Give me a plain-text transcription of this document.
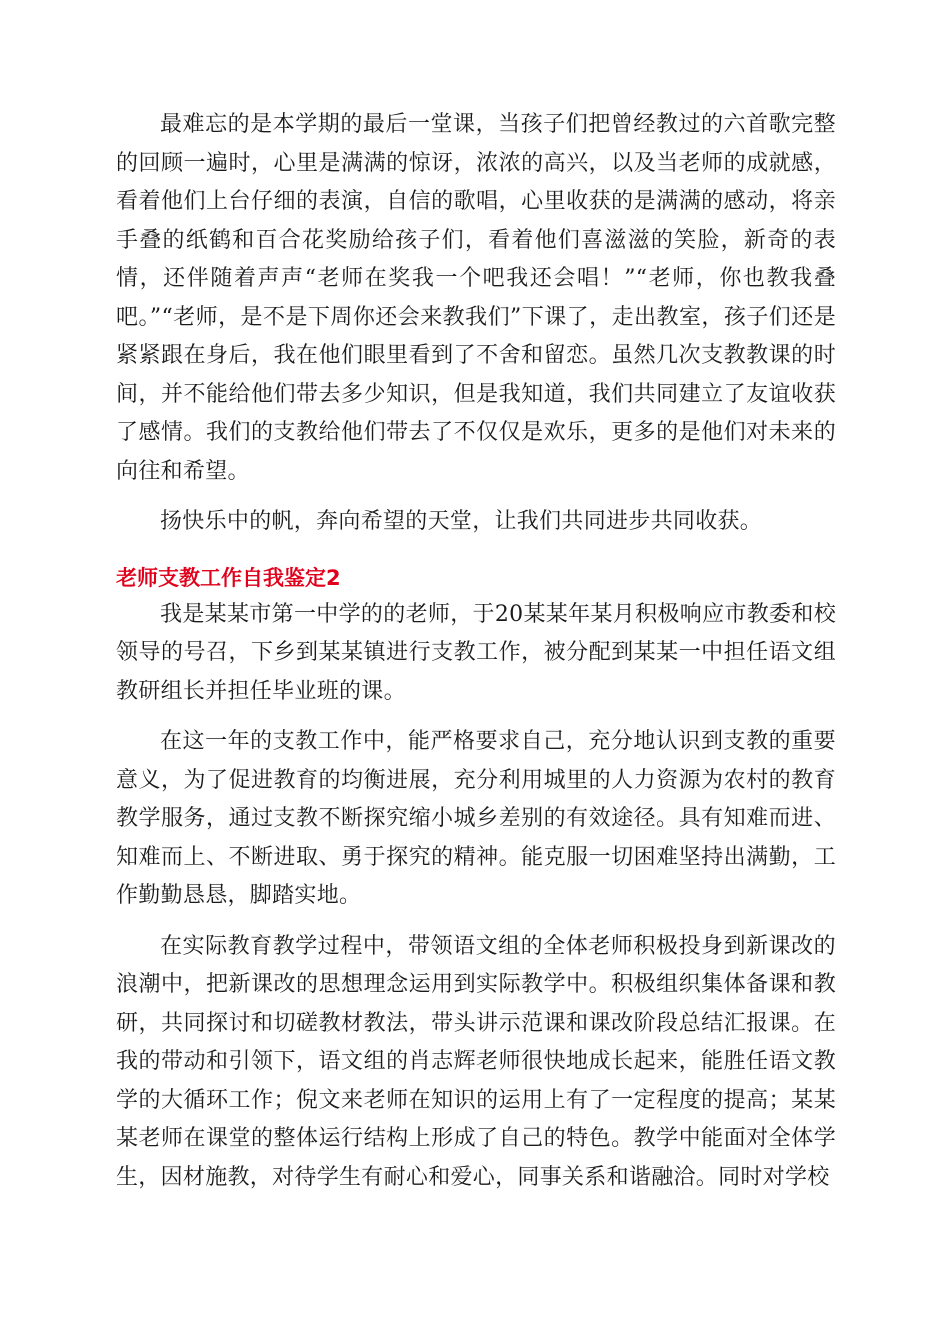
最难忘的是本学期的最后一堂课，当孩子们把曾经教过的六首歌完整的回顾一遍时，心里是满满的惊讶，浓浓的高兴，以及当老师的成就感，看着他们上台仔细的表演，自信的歌唱，心里收获的是满满的感动，将亲手叠的纸鹤和百合花奖励给孩子们，看着他们喜滋滋的笑脸，新奇的表情，还伴随着声声“老师在奖我一个吧我还会唱！”“老师，你也教我叠吧。”“老师，是不是下周你还会来教我们”下课了，走出教室，孩子们还是紧紧跟在身后，我在他们眼里看到了不舍和留恋。虽然几次支教教课的时间，并不能给他们带去多少知识，但是我知道，我们共同建立了友谊收获了感情。我们的支教给他们带去了不仅仅是欢乐，更多的是他们对未来的向往和希望。

扬快乐中的帆，奔向希望的天堂，让我们共同进步共同收获。

老师支教工作自我鉴定2

我是某某市第一中学的的老师，于20某某年某月积极响应市教委和校领导的号召，下乡到某某镇进行支教工作，被分配到某某一中担任语文组教研组长并担任毕业班的课。

在这一年的支教工作中，能严格要求自己，充分地认识到支教的重要意义，为了促进教育的均衡进展，充分利用城里的人力资源为农村的教育教学服务，通过支教不断探究缩小城乡差别的有效途径。具有知难而进、知难而上、不断进取、勇于探究的精神。能克服一切困难坚持出满勤，工作勤勤恳恳，脚踏实地。

在实际教育教学过程中，带领语文组的全体老师积极投身到新课改的浪潮中，把新课改的思想理念运用到实际教学中。积极组织集体备课和教研，共同探讨和切磋教材教法，带头讲示范课和课改阶段总结汇报课。在我的带动和引领下，语文组的肖志辉老师很快地成长起来，能胜任语文教学的大循环工作；倪文来老师在知识的运用上有了一定程度的提高；某某某老师在课堂的整体运行结构上形成了自己的特色。教学中能面对全体学生，因材施教，对待学生有耐心和爱心，同事关系和谐融洽。同时对学校
